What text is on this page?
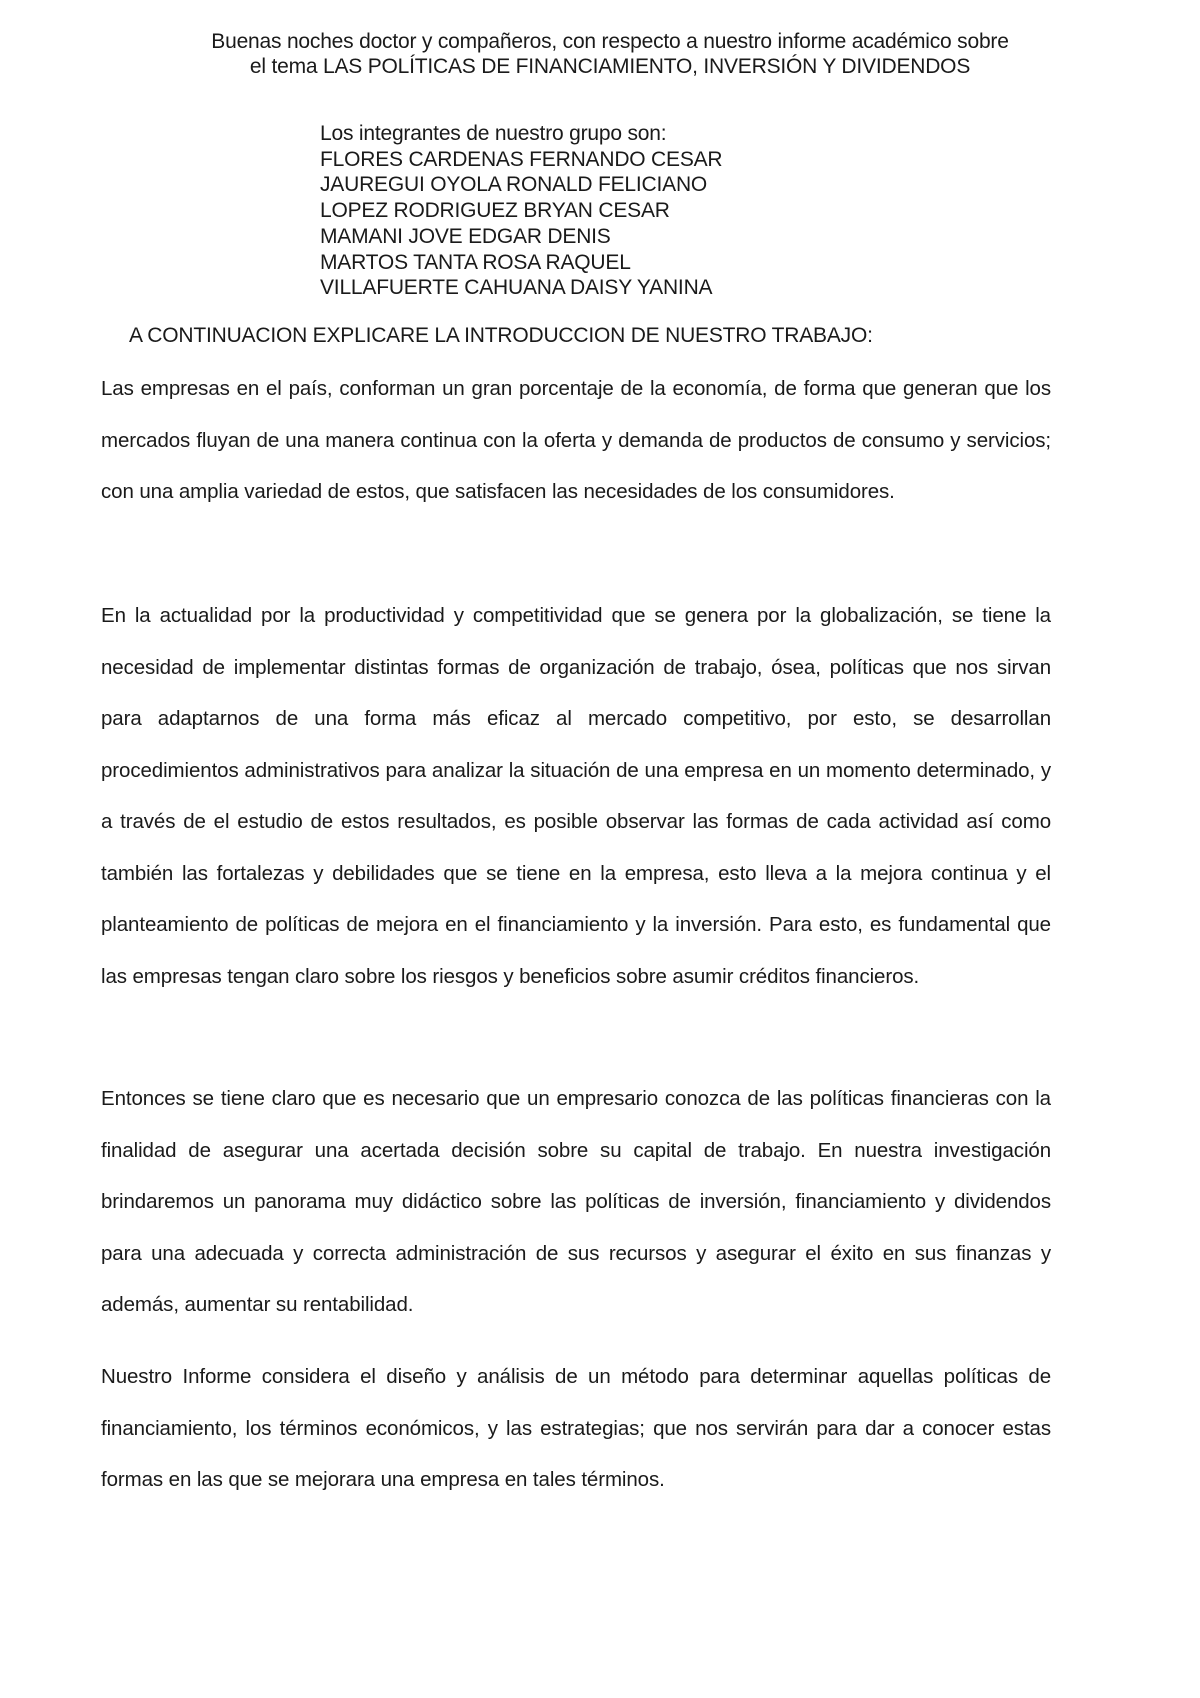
Buenas noches doctor y compañeros, con respecto a nuestro informe académico sobre
el tema LAS POLÍTICAS DE FINANCIAMIENTO, INVERSIÓN Y DIVIDENDOS
Los integrantes de nuestro grupo son:
FLORES CARDENAS FERNANDO CESAR
JAUREGUI OYOLA RONALD FELICIANO
LOPEZ RODRIGUEZ BRYAN CESAR
MAMANI JOVE EDGAR DENIS
MARTOS TANTA ROSA RAQUEL
VILLAFUERTE CAHUANA DAISY YANINA
A CONTINUACION EXPLICARE LA INTRODUCCION DE NUESTRO TRABAJO:

Las empresas en el país, conforman un gran porcentaje de la economía, de forma que generan que los mercados fluyan de una manera continua con la oferta y demanda de productos de consumo y servicios; con una amplia variedad de estos, que satisfacen las necesidades de los consumidores.

En la actualidad por la productividad y competitividad que se genera por la globalización, se tiene la necesidad de implementar distintas formas de organización de trabajo, ósea, políticas que nos sirvan para adaptarnos de una forma más eficaz al mercado competitivo, por esto, se desarrollan procedimientos administrativos para analizar la situación de una empresa en un momento determinado, y a través de el estudio de estos resultados, es posible observar las formas de cada actividad así como también las fortalezas y debilidades que se tiene en la empresa, esto lleva a la mejora continua y el planteamiento de políticas de mejora en el financiamiento y la inversión. Para esto, es fundamental que las empresas tengan claro sobre los riesgos y beneficios sobre asumir créditos financieros.

Entonces se tiene claro que es necesario que un empresario conozca de las políticas financieras con la finalidad de asegurar una acertada decisión sobre su capital de trabajo. En nuestra investigación brindaremos un panorama muy didáctico sobre las políticas de inversión, financiamiento y dividendos para una adecuada y correcta administración de sus recursos y asegurar el éxito en sus finanzas y además, aumentar su rentabilidad.

Nuestro Informe considera el diseño y análisis de un método para determinar aquellas políticas de financiamiento, los términos económicos, y las estrategias; que nos servirán para dar a conocer estas formas en las que se mejorara una empresa en tales términos.
